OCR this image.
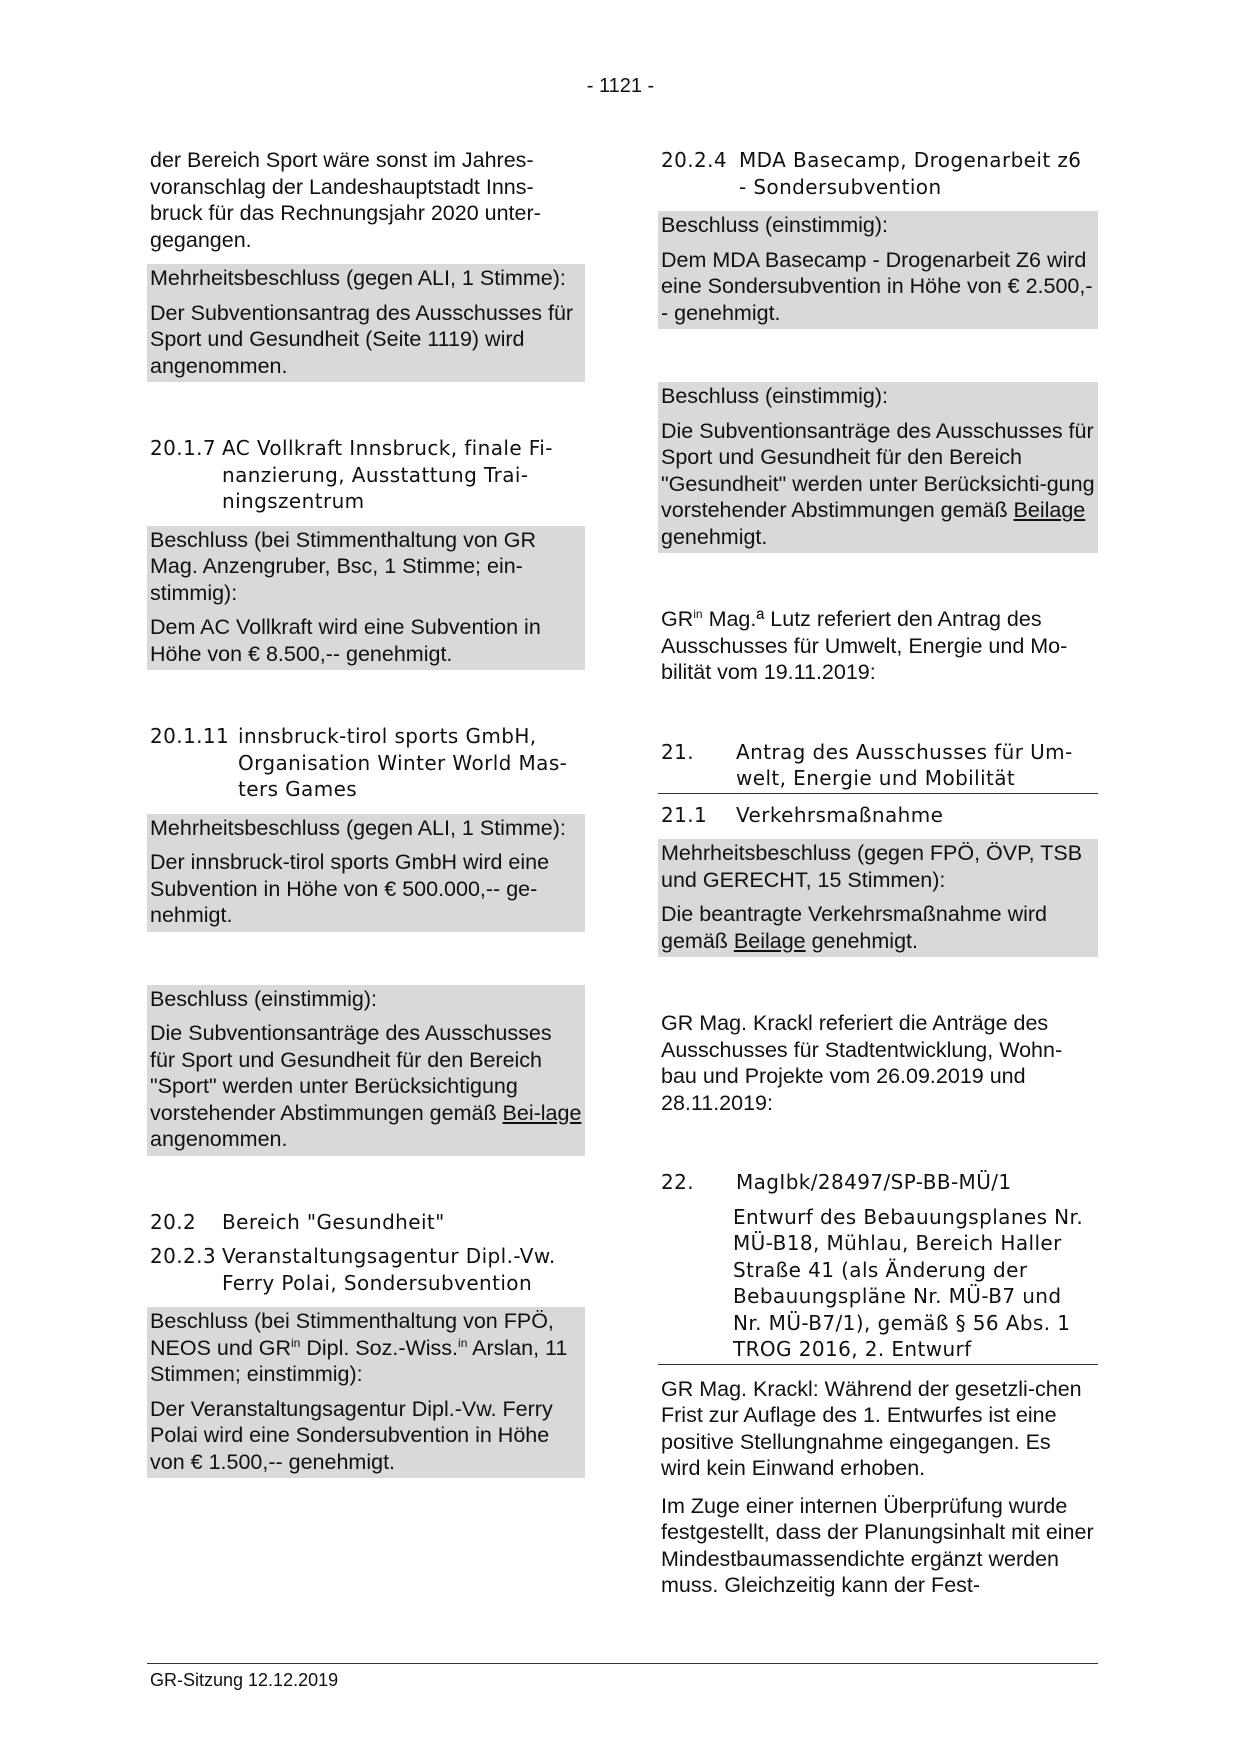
- 1121 -

der Bereich Sport wäre sonst im Jahres-voranschlag der Landeshauptstadt Inns-bruck für das Rechnungsjahr 2020 unter-gegangen.

Mehrheitsbeschluss (gegen ALI, 1 Stimme):

Der Subventionsantrag des Ausschusses für Sport und Gesundheit (Seite 1119) wird angenommen.

20.1.7 AC Vollkraft Innsbruck, finale Fi-nanzierung, Ausstattung Trai-ningszentrum

Beschluss (bei Stimmenthaltung von GR Mag. Anzengruber, Bsc, 1 Stimme; ein-stimmig):

Dem AC Vollkraft wird eine Subvention in Höhe von € 8.500,-- genehmigt.

20.1.11 innsbruck-tirol sports GmbH, Organisation Winter World Mas-ters Games

Mehrheitsbeschluss (gegen ALI, 1 Stimme):

Der innsbruck-tirol sports GmbH wird eine Subvention in Höhe von € 500.000,-- ge-nehmigt.

Beschluss (einstimmig):

Die Subventionsanträge des Ausschusses für Sport und Gesundheit für den Bereich "Sport" werden unter Berücksichtigung vorstehender Abstimmungen gemäß Bei-lage angenommen.

20.2	Bereich "Gesundheit"
20.2.3 Veranstaltungsagentur Dipl.-Vw. Ferry Polai, Sondersubvention

Beschluss (bei Stimmenthaltung von FPÖ, NEOS und $GR^{in}$ Dipl. Soz.-Wiss.$^{in}$ Arslan, 11 Stimmen; einstimmig):

Der Veranstaltungsagentur Dipl.-Vw. Ferry Polai wird eine Sondersubvention in Höhe von € 1.500,-- genehmigt.

20.2.4 MDA Basecamp, Drogenarbeit z6 - Sondersubvention

Beschluss (einstimmig):

Dem MDA Basecamp - Drogenarbeit Z6 wird eine Sondersubvention in Höhe von € 2.500,-- genehmigt.

Beschluss (einstimmig):

Die Subventionsanträge des Ausschusses für Sport und Gesundheit für den Bereich "Gesundheit" werden unter Berücksichti-gung vorstehender Abstimmungen gemäß Beilage genehmigt.

$GR^{in}$ Mag.ª Lutz referiert den Antrag des Ausschusses für Umwelt, Energie und Mo-bilität vom 19.11.2019:

21.	Antrag des Ausschusses für Um-welt, Energie und Mobilität
21.1	Verkehrsmaßnahme

Mehrheitsbeschluss (gegen FPÖ, ÖVP, TSB und GERECHT, 15 Stimmen):

Die beantragte Verkehrsmaßnahme wird gemäß Beilage genehmigt.

GR Mag. Krackl referiert die Anträge des Ausschusses für Stadtentwicklung, Wohn-bau und Projekte vom 26.09.2019 und 28.11.2019:

22.	MagIbk/28497/SP-BB-MÜ/1
Entwurf des Bebauungsplanes Nr. MÜ-B18, Mühlau, Bereich Haller Straße 41 (als Änderung der Bebauungspläne Nr. MÜ-B7 und Nr. MÜ-B7/1), gemäß § 56 Abs. 1 TROG 2016, 2. Entwurf

GR Mag. Krackl: Während der gesetzli-chen Frist zur Auflage des 1. Entwurfes ist eine positive Stellungnahme eingegangen. Es wird kein Einwand erhoben.

Im Zuge einer internen Überprüfung wurde festgestellt, dass der Planungsinhalt mit einer Mindestbaumassendichte ergänzt werden muss. Gleichzeitig kann der Fest-

GR-Sitzung 12.12.2019
